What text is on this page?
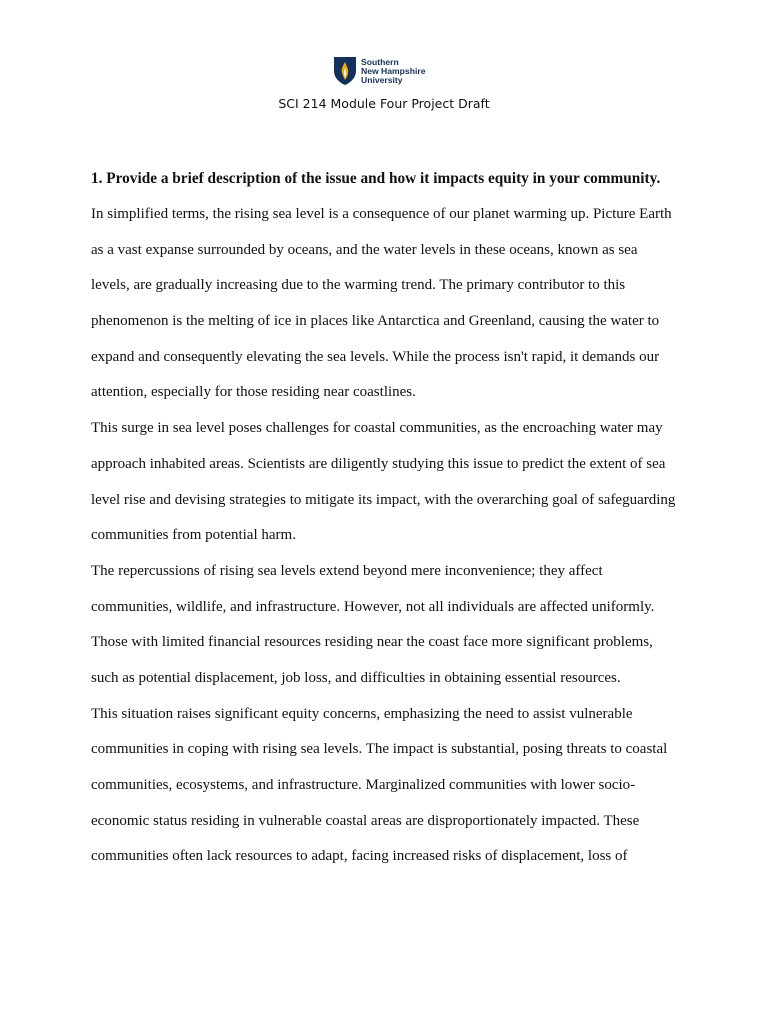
Southern
New Hampshire
University
SCI 214 Module Four Project Draft
1. Provide a brief description of the issue and how it impacts equity in your community.
In simplified terms, the rising sea level is a consequence of our planet warming up. Picture Earth
as a vast expanse surrounded by oceans, and the water levels in these oceans, known as sea
levels, are gradually increasing due to the warming trend. The primary contributor to this
phenomenon is the melting of ice in places like Antarctica and Greenland, causing the water to
expand and consequently elevating the sea levels. While the process isn't rapid, it demands our
attention, especially for those residing near coastlines.
This surge in sea level poses challenges for coastal communities, as the encroaching water may
approach inhabited areas. Scientists are diligently studying this issue to predict the extent of sea
level rise and devising strategies to mitigate its impact, with the overarching goal of safeguarding
communities from potential harm.
The repercussions of rising sea levels extend beyond mere inconvenience; they affect
communities, wildlife, and infrastructure. However, not all individuals are affected uniformly.
Those with limited financial resources residing near the coast face more significant problems,
such as potential displacement, job loss, and difficulties in obtaining essential resources.
This situation raises significant equity concerns, emphasizing the need to assist vulnerable
communities in coping with rising sea levels. The impact is substantial, posing threats to coastal
communities, ecosystems, and infrastructure. Marginalized communities with lower socio-
economic status residing in vulnerable coastal areas are disproportionately impacted. These
communities often lack resources to adapt, facing increased risks of displacement, loss of
